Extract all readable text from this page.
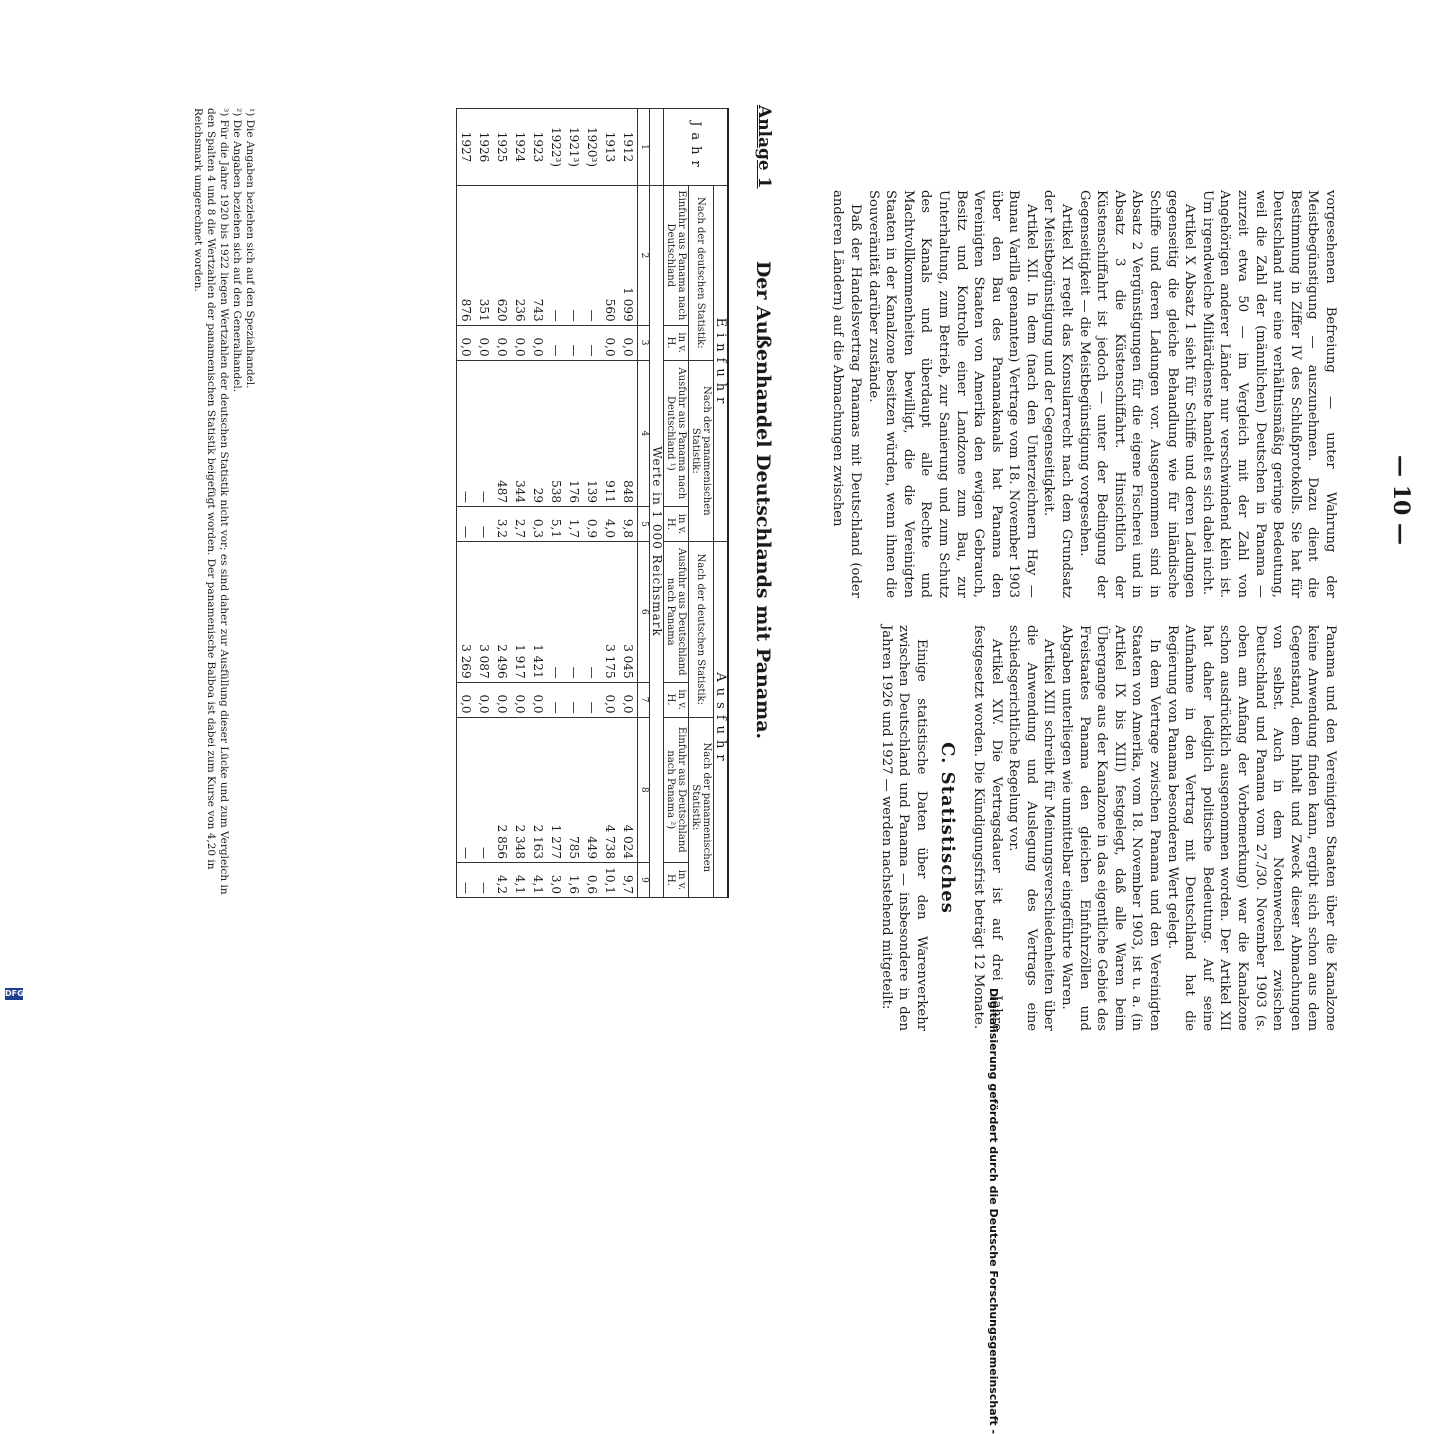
— 10 —

vorgesehenen Befreiung — unter Wahrung der Meistbegünstigung — auszunehmen. Dazu dient die Bestimmung in Ziffer IV des Schlußprotokolls. Sie hat für Deutschland nur eine verhältnismäßig geringe Bedeutung, weil die Zahl der (männlichen) Deutschen in Panama — zurzeit etwa 50 — im Vergleich mit der Zahl von Angehörigen anderer Länder nur verschwindend klein ist. Um irgendwelche Militärdienste handelt es sich dabei nicht.

Artikel X Absatz 1 sieht für Schiffe und deren Ladungen gegenseitig die gleiche Behandlung wie für inländische Schiffe und deren Ladungen vor. Ausgenommen sind in Absatz 2 Vergünstigungen für die eigene Fischerei und in Absatz 3 die Küstenschiffahrt. Hinsichtlich der Küstenschiffahrt ist jedoch — unter der Bedingung der Gegenseitigkeit — die Meistbegünstigung vorgesehen.

Artikel XI regelt das Konsularrecht nach dem Grundsatz der Meistbegünstigung und der Gegenseitigkeit.

Artikel XII. In dem (nach den Unterzeichnern Hay — Bunau Varilla genannten) Vertrage vom 18. November 1903 über den Bau des Panamakanals hat Panama den Vereinigten Staaten von Amerika den ewigen Gebrauch, Besitz und Kontrolle einer Landzone zum Bau, zur Unterhaltung, zum Betrieb, zur Sanierung und zum Schutz des Kanals und überdaupt alle Rechte und Machtvollkommenheiten bewilligt, die die Vereinigten Staaten in der Kanalzone besitzen würden, wenn ihnen die Souveränität darüber zustände.

Daß der Handelsvertrag Panamas mit Deutschland (oder anderen Ländern) auf die Abmachungen zwischen

Panama und den Vereinigten Staaten über die Kanalzone keine Anwendung finden kann, ergibt sich schon aus dem Gegenstand, dem Inhalt und Zweck dieser Abmachungen von selbst. Auch in dem Notenwechsel zwischen Deutschland und Panama vom 27./30. November 1903 (s. oben am Anfang der Vorbemerkung) war die Kanalzone schon ausdrücklich ausgenommen worden. Der Artikel XII hat daher lediglich politische Bedeutung. Auf seine Aufnahme in den Vertrag mit Deutschland hat die Regierung von Panama besonderen Wert gelegt.

In dem Vertrage zwischen Panama und den Vereinigten Staaten von Amerika, vom 18. November 1903, ist u. a. (in Artikel IX bis XIII) festgelegt, daß alle Waren beim Übergange aus der Kanalzone in das eigentliche Gebiet des Freistaates Panama den gleichen Einfuhrzöllen und Abgaben unterliegen wie unmittelbar eingeführte Waren.

Artikel XIII schreibt für Meinungsverschiedenheiten über die Anwendung und Auslegung des Vertrags eine schiedsgerichtliche Regelung vor.

Artikel XIV. Die Vertragsdauer ist auf drei Jahre festgesetzt worden. Die Kündigungsfrist beträgt 12 Monate.

C. Statistisches

Einige statistische Daten über den Warenverkehr zwischen Deutschland und Panama — insbesondere in den Jahren 1926 und 1927 — werden nachstehend mitgeteilt:

Der Außenhandel Deutschlands mit Panama.
Anlage 1
Jahr	Einfuhr				Ausfuhr			
	Nach der deutschen Statistik:		Nach der panamenischen Statistik:		Nach der deutschen Statistik:		Nach der panamenischen Statistik:	
	Einfuhr aus Panama nach Deutschland	in v. H.	Ausfuhr aus Panama nach Deutschland ¹)	in v. H.	Ausfuhr aus Deutschland nach Panama	in v. H.	Einfuhr aus Deutschland nach Panama ²)	in v. H.
	Werte in 1 000 Reichsmark							
1	2	3	4	5	6	7	8	9
1912	1 099	0,0	848	9,8	3 045	0,0	4 024	9,7
1913	560	0,0	911	4,0	3 175	0,0	4 738	10,1
1920³)	—	—	139	0,9	—	—	449	0,6
1921³)	—	—	176	1,7	—	—	785	1,6
1922³)	—	—	538	5,1	—	—	1 277	3,0
1923	743	0,0	29	0,3	1 421	0,0	2 163	4,1
1924	236	0,0	344	2,7	1 917	0,0	2 348	4,1
1925	620	0,0	487	3,2	2 496	0,0	2 856	4,2
1926	351	0,0	—	—	3 087	0,0	—	—
1927	876	0,0	—	—	3 269	0,0	—	—
¹) Die Angaben beziehen sich auf den Spezialhandel.
²) Die Angaben beziehen sich auf den Generalhandel.
³) Für die Jahre 1920 bis 1922 liegen Wertzahlen der deutschen Statistik nicht vor; es sind daher zur Ausfüllung dieser Lücke und zum Vergleich in den Spalten 4 und 8 die Wertzahlen der panamenischen Statistik beigefügt worden. Der panamenische Balboa ist dabei zum Kurse von 4,20 in Reichsmark umgerechnet worden.
DFG	Digitalisierung gefördert durch die Deutsche Forschungsgemeinschaft -
